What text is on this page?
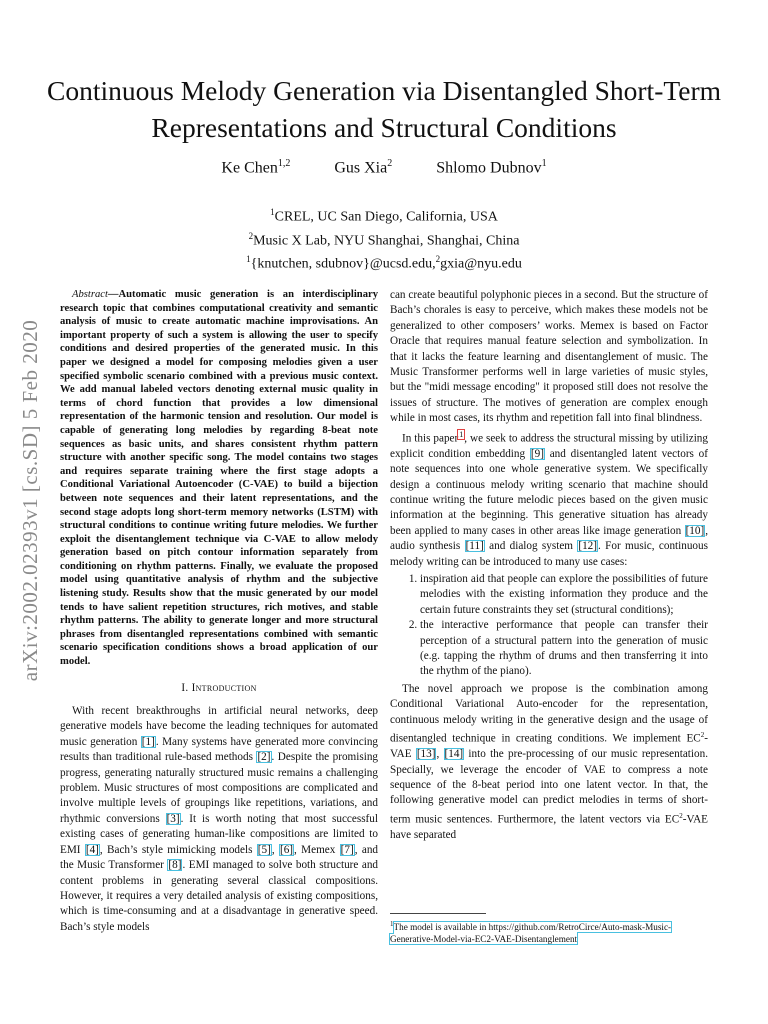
arXiv:2002.02393v1 [cs.SD] 5 Feb 2020
Continuous Melody Generation via Disentangled Short-Term Representations and Structural Conditions
Ke Chen$^{1,2}$	Gus Xia$^2$	Shlomo Dubnov$^1$
$^1$CREL, UC San Diego, California, USA
$^2$Music X Lab, NYU Shanghai, Shanghai, China
$^1${knutchen, sdubnov}@ucsd.edu,$^2$gxia@nyu.edu

Abstract—Automatic music generation is an interdisciplinary research topic that combines computational creativity and semantic analysis of music to create automatic machine improvisations. An important property of such a system is allowing the user to specify conditions and desired properties of the generated music. In this paper we designed a model for composing melodies given a user specified symbolic scenario combined with a previous music context. We add manual labeled vectors denoting external music quality in terms of chord function that provides a low dimensional representation of the harmonic tension and resolution. Our model is capable of generating long melodies by regarding 8-beat note sequences as basic units, and shares consistent rhythm pattern structure with another specific song. The model contains two stages and requires separate training where the first stage adopts a Conditional Variational Autoencoder (C-VAE) to build a bijection between note sequences and their latent representations, and the second stage adopts long short-term memory networks (LSTM) with structural conditions to continue writing future melodies. We further exploit the disentanglement technique via C-VAE to allow melody generation based on pitch contour information separately from conditioning on rhythm patterns. Finally, we evaluate the proposed model using quantitative analysis of rhythm and the subjective listening study. Results show that the music generated by our model tends to have salient repetition structures, rich motives, and stable rhythm patterns. The ability to generate longer and more structural phrases from disentangled representations combined with semantic scenario specification conditions shows a broad application of our model.

I. Introduction

With recent breakthroughs in artificial neural networks, deep generative models have become the leading techniques for automated music generation [1]. Many systems have generated more convincing results than traditional rule-based methods [2]. Despite the promising progress, generating naturally structured music remains a challenging problem. Music structures of most compositions are complicated and involve multiple levels of groupings like repetitions, variations, and rhythmic conversions [3]. It is worth noting that most successful existing cases of generating human-like compositions are limited to EMI [4], Bach’s style mimicking models [5], [6], Memex [7], and the Music Transformer [8]. EMI managed to solve both structure and content problems in generating several classical compositions. However, it requires a very detailed analysis of existing compositions, which is time-consuming and at a disadvantage in generative speed. Bach’s style models

can create beautiful polyphonic pieces in a second. But the structure of Bach’s chorales is easy to perceive, which makes these models not be generalized to other composers’ works. Memex is based on Factor Oracle that requires manual feature selection and symbolization. In that it lacks the feature learning and disentanglement of music. The Music Transformer performs well in large varieties of music styles, but the "midi message encoding" it proposed still does not resolve the issues of structure. The motives of generation are complex enough while in most cases, its rhythm and repetition fall into final blindness.

In this paper$^1$, we seek to address the structural missing by utilizing explicit condition embedding [9] and disentangled latent vectors of note sequences into one whole generative system. We specifically design a continuous melody writing scenario that machine should continue writing the future melodic pieces based on the given music information at the beginning. This generative situation has already been applied to many cases in other areas like image generation [10], audio synthesis [11] and dialog system [12]. For music, continuous melody writing can be introduced to many use cases:

1. inspiration aid that people can explore the possibilities of future melodies with the existing information they produce and the certain future constraints they set (structural conditions);
2. the interactive performance that people can transfer their perception of a structural pattern into the generation of music (e.g. tapping the rhythm of drums and then transferring it into the rhythm of the piano).

The novel approach we propose is the combination among Conditional Variational Auto-encoder for the representation, continuous melody writing in the generative design and the usage of disentangled technique in creating conditions. We implement $EC^2$-VAE [13], [14] into the pre-processing of our music representation. Specially, we leverage the encoder of VAE to compress a note sequence of the 8-beat period into one latent vector. In that, the following generative model can predict melodies in terms of short-term music sentences. Furthermore, the latent vectors via $EC^2$-VAE have separated

$^1$The model is available in https://github.com/RetroCirce/Auto-mask-Music-Generative-Model-via-EC2-VAE-Disentanglement
